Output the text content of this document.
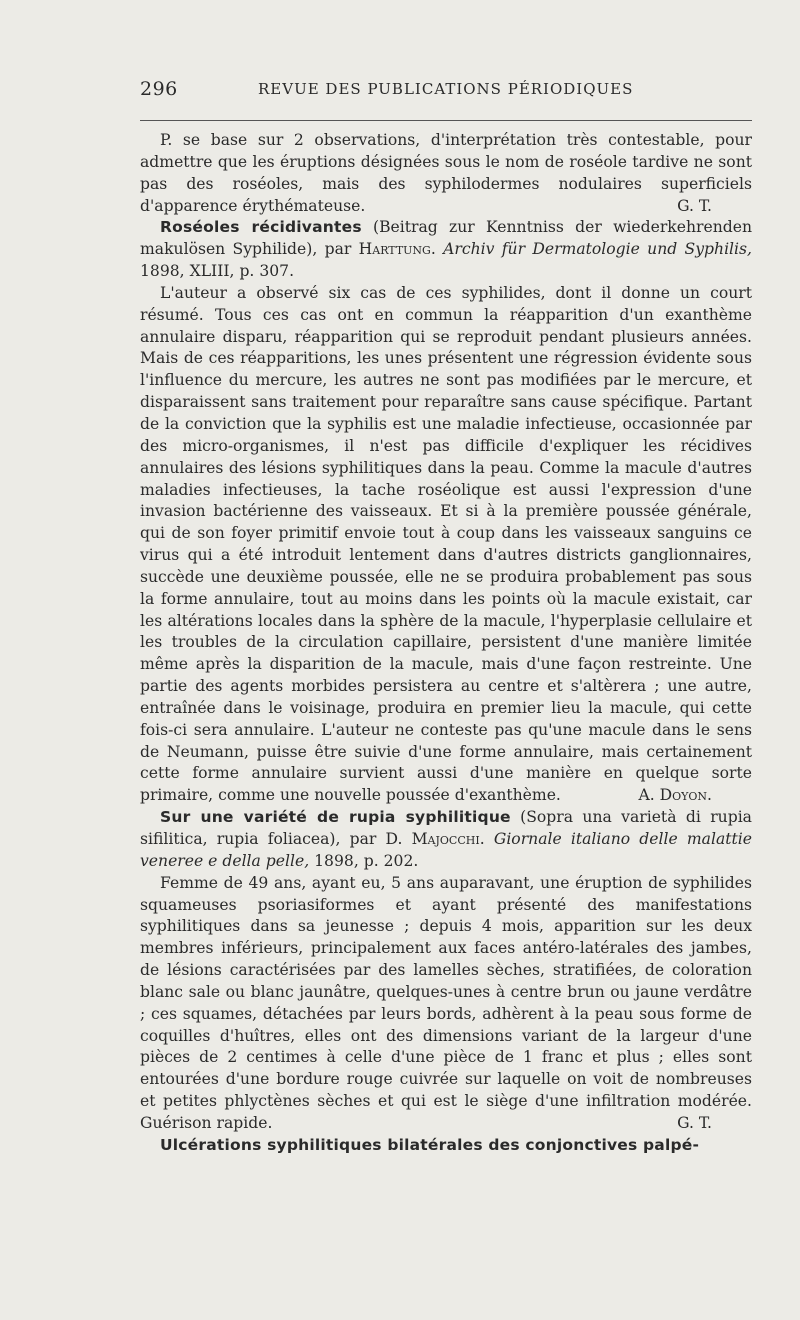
296	REVUE DES PUBLICATIONS PÉRIODIQUES

P. se base sur 2 observations, d'interprétation très contestable, pour admettre que les éruptions désignées sous le nom de roséole tardive ne sont pas des roséoles, mais des syphilodermes nodulaires superficiels d'apparence érythémateuse.	G. T.

Roséoles récidivantes (Beitrag zur Kenntniss der wiederkehrenden makulösen Syphilide), par Harttung. Archiv für Dermatologie und Syphilis, 1898, XLIII, p. 307.

L'auteur a observé six cas de ces syphilides, dont il donne un court résumé. Tous ces cas ont en commun la réapparition d'un exanthème annulaire disparu, réapparition qui se reproduit pendant plusieurs années. Mais de ces réapparitions, les unes présentent une régression évidente sous l'influence du mercure, les autres ne sont pas modifiées par le mercure, et disparaissent sans traitement pour reparaître sans cause spécifique. Partant de la conviction que la syphilis est une maladie infectieuse, occasionnée par des micro-organismes, il n'est pas difficile d'expliquer les récidives annulaires des lésions syphilitiques dans la peau. Comme la macule d'autres maladies infectieuses, la tache roséolique est aussi l'expression d'une invasion bactérienne des vaisseaux. Et si à la première poussée générale, qui de son foyer primitif envoie tout à coup dans les vaisseaux sanguins ce virus qui a été introduit lentement dans d'autres districts ganglionnaires, succède une deuxième poussée, elle ne se produira probablement pas sous la forme annulaire, tout au moins dans les points où la macule existait, car les altérations locales dans la sphère de la macule, l'hyperplasie cellulaire et les troubles de la circulation capillaire, persistent d'une manière limitée même après la disparition de la macule, mais d'une façon restreinte. Une partie des agents morbides persistera au centre et s'altèrera ; une autre, entraînée dans le voisinage, produira en premier lieu la macule, qui cette fois-ci sera annulaire. L'auteur ne conteste pas qu'une macule dans le sens de Neumann, puisse être suivie d'une forme annulaire, mais certainement cette forme annulaire survient aussi d'une manière en quelque sorte primaire, comme une nouvelle poussée d'exanthème.	A. Doyon.

Sur une variété de rupia syphilitique (Sopra una varietà di rupia sifilitica, rupia foliacea), par D. Majocchi. Giornale italiano delle malattie veneree e della pelle, 1898, p. 202.

Femme de 49 ans, ayant eu, 5 ans auparavant, une éruption de syphilides squameuses psoriasiformes et ayant présenté des manifestations syphilitiques dans sa jeunesse ; depuis 4 mois, apparition sur les deux membres inférieurs, principalement aux faces antéro-latérales des jambes, de lésions caractérisées par des lamelles sèches, stratifiées, de coloration blanc sale ou blanc jaunâtre, quelques-unes à centre brun ou jaune verdâtre ; ces squames, détachées par leurs bords, adhèrent à la peau sous forme de coquilles d'huîtres, elles ont des dimensions variant de la largeur d'une pièces de 2 centimes à celle d'une pièce de 1 franc et plus ; elles sont entourées d'une bordure rouge cuivrée sur laquelle on voit de nombreuses et petites phlyctènes sèches et qui est le siège d'une infiltration modérée. Guérison rapide.	G. T.

Ulcérations syphilitiques bilatérales des conjonctives palpé-
